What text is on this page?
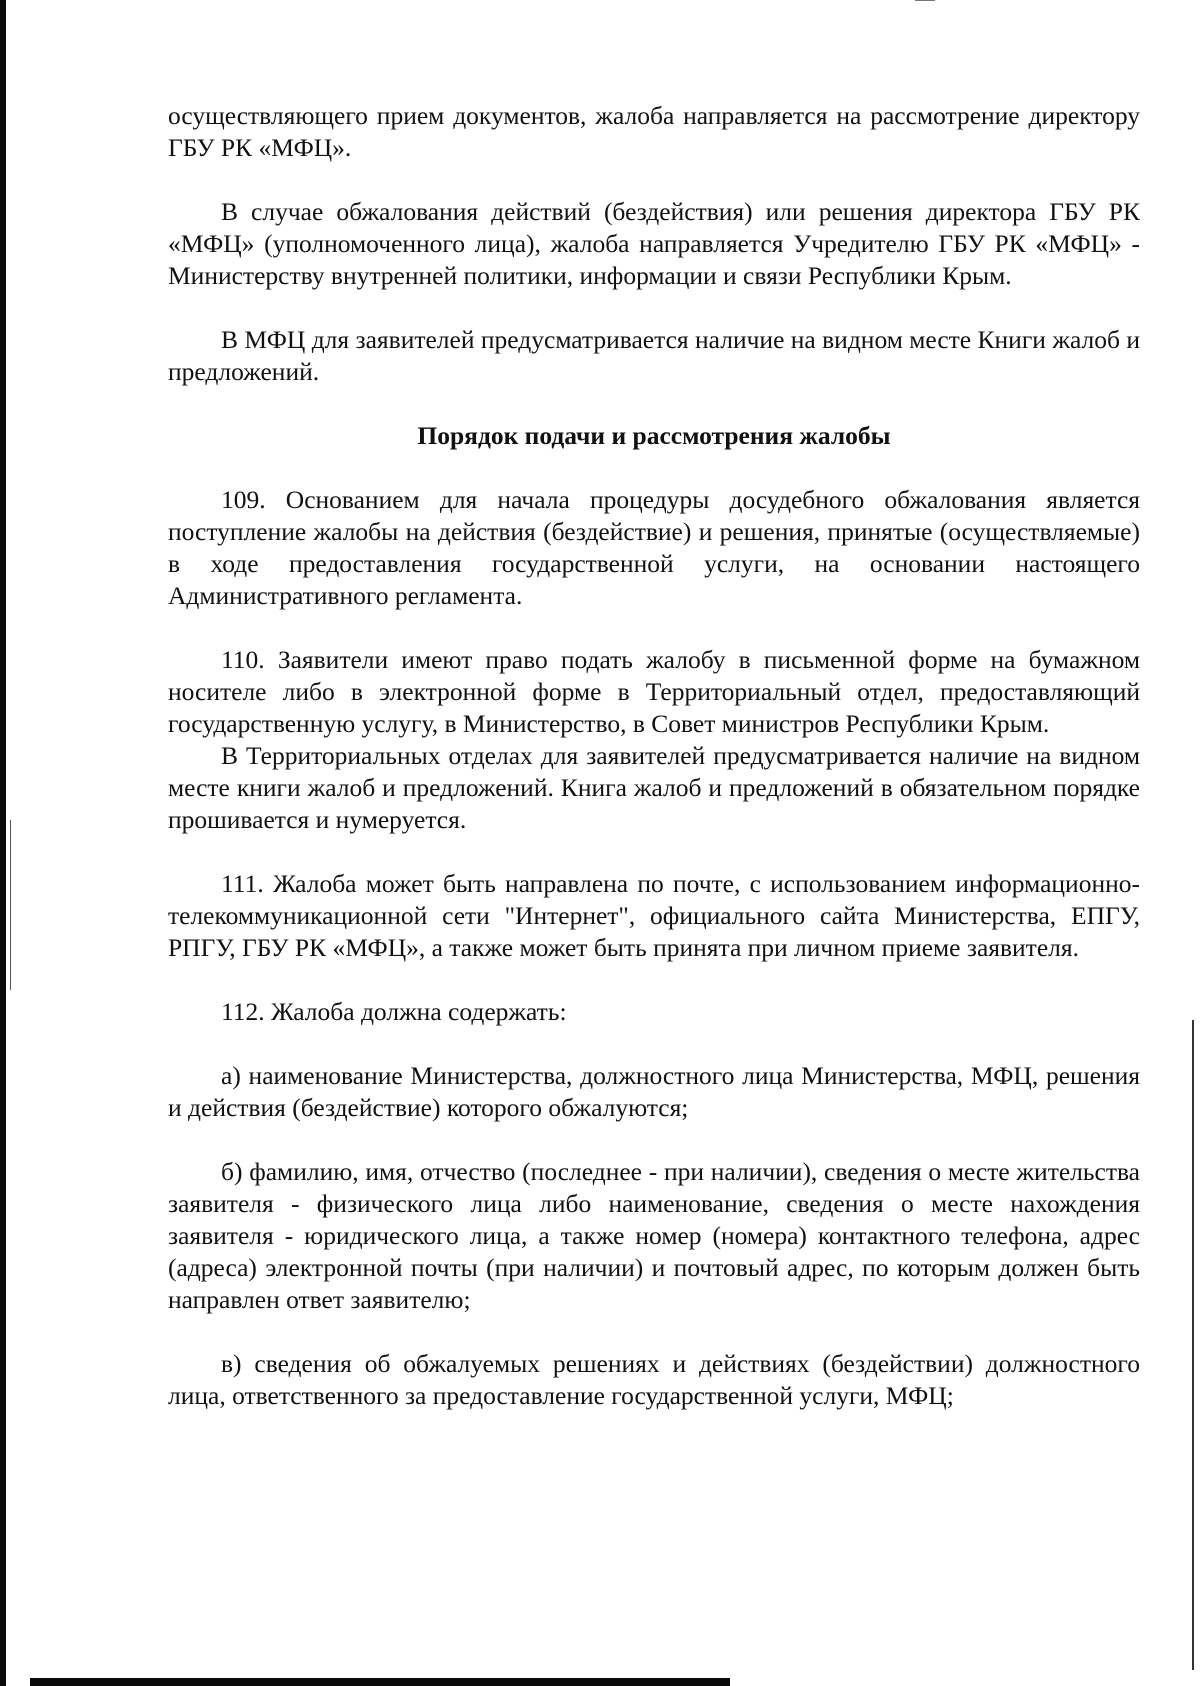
осуществляющего прием документов, жалоба направляется на рассмотрение директору ГБУ РК «МФЦ».

В случае обжалования действий (бездействия) или решения директора ГБУ РК «МФЦ» (уполномоченного лица), жалоба направляется Учредителю ГБУ РК «МФЦ» - Министерству внутренней политики, информации и связи Республики Крым.

В МФЦ для заявителей предусматривается наличие на видном месте Книги жалоб и предложений.

Порядок подачи и рассмотрения жалобы

109. Основанием для начала процедуры досудебного обжалования является поступление жалобы на действия (бездействие) и решения, принятые (осуществляемые) в ходе предоставления государственной услуги, на основании настоящего Административного регламента.

110. Заявители имеют право подать жалобу в письменной форме на бумажном носителе либо в электронной форме в Территориальный отдел, предоставляющий государственную услугу, в Министерство, в Совет министров Республики Крым.

В Территориальных отделах для заявителей предусматривается наличие на видном месте книги жалоб и предложений. Книга жалоб и предложений в обязательном порядке прошивается и нумеруется.

111. Жалоба может быть направлена по почте, с использованием информационно-телекоммуникационной сети "Интернет", официального сайта Министерства, ЕПГУ, РПГУ, ГБУ РК «МФЦ», а также может быть принята при личном приеме заявителя.

112. Жалоба должна содержать:

а) наименование Министерства, должностного лица Министерства, МФЦ, решения и действия (бездействие) которого обжалуются;

б) фамилию, имя, отчество (последнее - при наличии), сведения о месте жительства заявителя - физического лица либо наименование, сведения о месте нахождения заявителя - юридического лица, а также номер (номера) контактного телефона, адрес (адреса) электронной почты (при наличии) и почтовый адрес, по которым должен быть направлен ответ заявителю;

в) сведения об обжалуемых решениях и действиях (бездействии) должностного лица, ответственного за предоставление государственной услуги, МФЦ;
